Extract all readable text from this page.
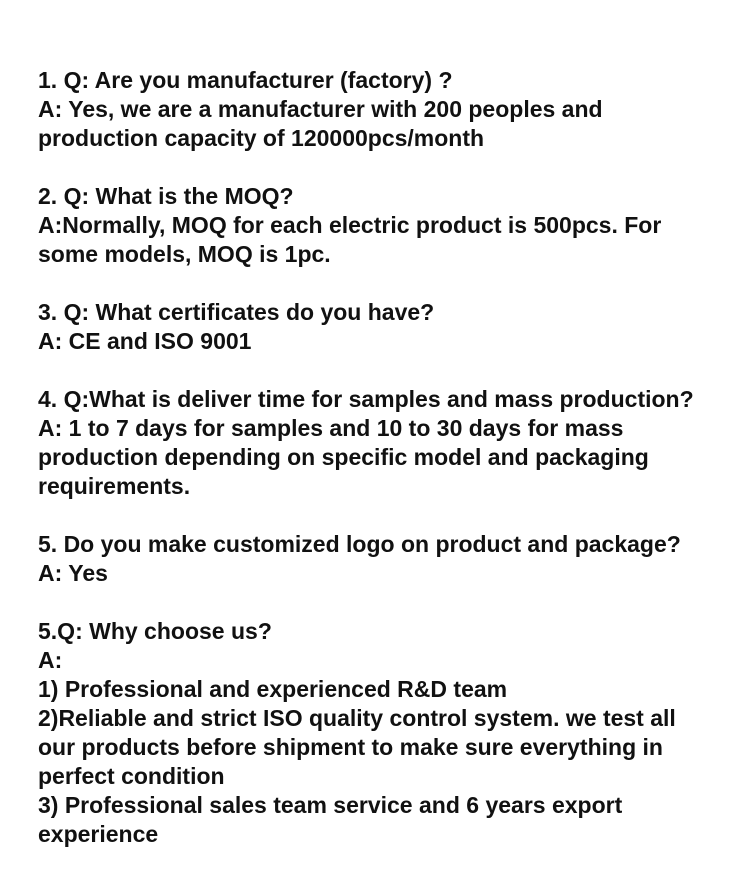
1. Q: Are you manufacturer (factory) ?
A: Yes, we are a manufacturer with 200 peoples and
production capacity of 120000pcs/month
2. Q: What is the MOQ?
A:Normally, MOQ for each electric product is 500pcs. For
some models, MOQ is 1pc.
3. Q: What certificates do you have?
A: CE and ISO 9001
4. Q:What is deliver time for samples and mass production?
A: 1 to 7 days for samples and 10 to 30 days for mass
production depending on specific model and packaging
requirements.
5. Do you make customized logo on product and package?
A: Yes
5.Q: Why choose us?
A:
1) Professional and experienced R&D team
2)Reliable and strict ISO quality control system. we test all
our products before shipment to make sure everything in
perfect condition
3) Professional sales team service and 6 years export
experience
